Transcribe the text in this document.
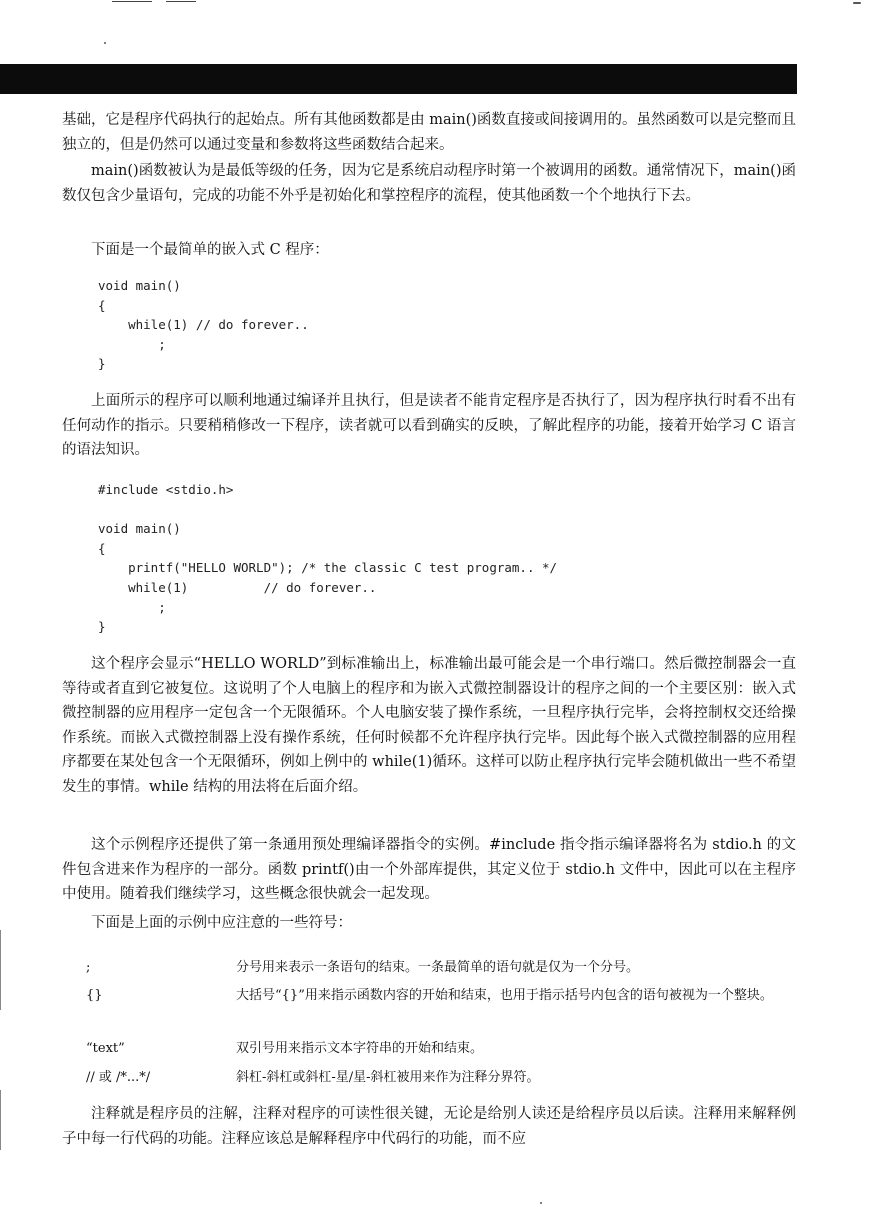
基础，它是程序代码执行的起始点。所有其他函数都是由 main()函数直接或间接调用的。虽然函数可以是完整而且独立的，但是仍然可以通过变量和参数将这些函数结合起来。

main()函数被认为是最低等级的任务，因为它是系统启动程序时第一个被调用的函数。通常情况下，main()函数仅包含少量语句，完成的功能不外乎是初始化和掌控程序的流程，使其他函数一个个地执行下去。

下面是一个最简单的嵌入式 C 程序：

void main()
{
while(1) // do forever..
;
}

上面所示的程序可以顺利地通过编译并且执行，但是读者不能肯定程序是否执行了，因为程序执行时看不出有任何动作的指示。只要稍稍修改一下程序，读者就可以看到确实的反映，了解此程序的功能，接着开始学习 C 语言的语法知识。

#include <stdio.h>

void main()
{
printf("HELLO WORLD"); /* the classic C test program.. */
while(1)          // do forever..
;
}

这个程序会显示“HELLO WORLD”到标准输出上，标准输出最可能会是一个串行端口。然后微控制器会一直等待或者直到它被复位。这说明了个人电脑上的程序和为嵌入式微控制器设计的程序之间的一个主要区别：嵌入式微控制器的应用程序一定包含一个无限循环。个人电脑安装了操作系统，一旦程序执行完毕，会将控制权交还给操作系统。而嵌入式微控制器上没有操作系统，任何时候都不允许程序执行完毕。因此每个嵌入式微控制器的应用程序都要在某处包含一个无限循环，例如上例中的 while(1)循环。这样可以防止程序执行完毕会随机做出一些不希望发生的事情。while 结构的用法将在后面介绍。

这个示例程序还提供了第一条通用预处理编译器指令的实例。#include 指令指示编译器将名为 stdio.h 的文件包含进来作为程序的一部分。函数 printf()由一个外部库提供，其定义位于 stdio.h 文件中，因此可以在主程序中使用。随着我们继续学习，这些概念很快就会一起发现。

下面是上面的示例中应注意的一些符号：

;	分号用来表示一条语句的结束。一条最简单的语句就是仅为一个分号。
{}	大括号“{}”用来指示函数内容的开始和结束，也用于指示括号内包含的语句被视为一个整块。
“text”	双引号用来指示文本字符串的开始和结束。
// 或 /*...*/	斜杠-斜杠或斜杠-星/星-斜杠被用来作为注释分界符。

注释就是程序员的注解，注释对程序的可读性很关键，无论是给别人读还是给程序员以后读。注释用来解释例子中每一行代码的功能。注释应该总是解释程序中代码行的功能，而不应
